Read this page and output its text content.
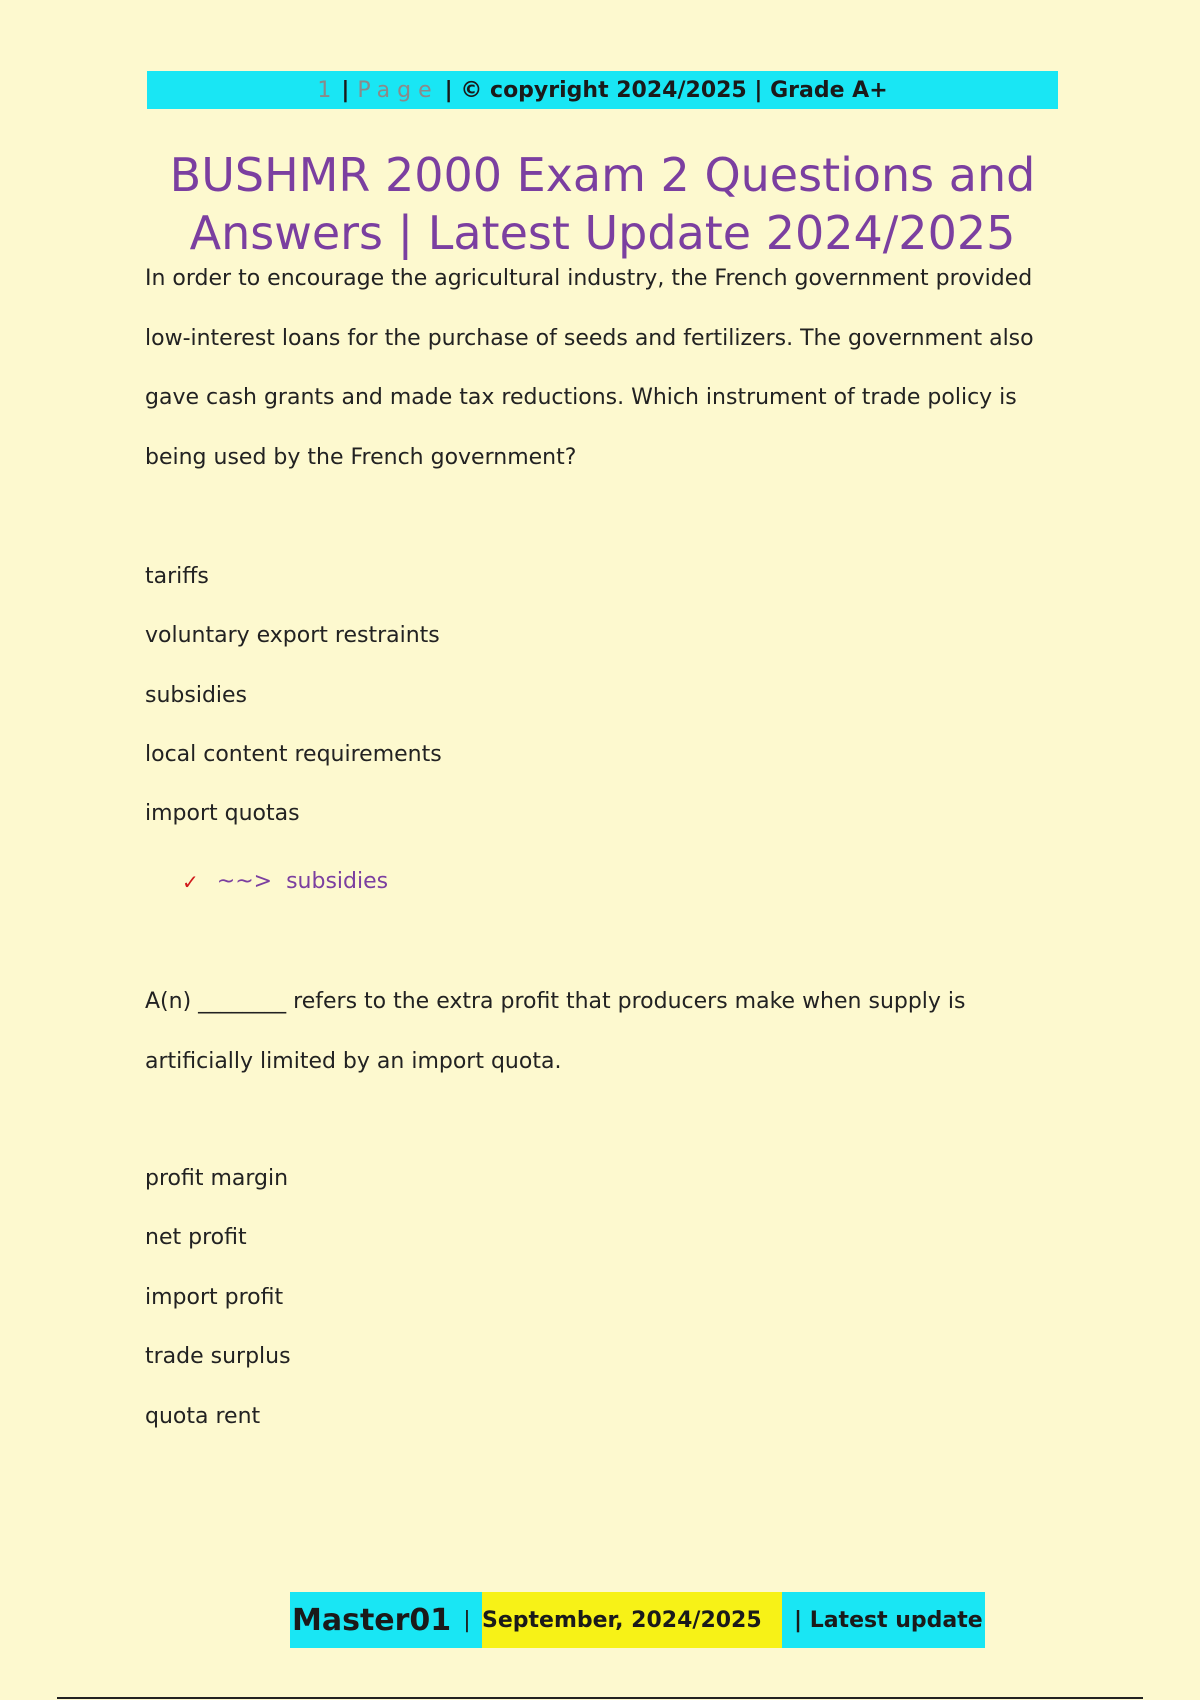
1 | Page | © copyright 2024/2025 | Grade A+
BUSHMR 2000 Exam 2 Questions and Answers | Latest Update 2024/2025

In order to encourage the agricultural industry, the French government provided low-interest loans for the purchase of seeds and fertilizers. The government also gave cash grants and made tax reductions. Which instrument of trade policy is being used by the French government?

tariffs
voluntary export restraints
subsidies
local content requirements
import quotas
✓ ~~> subsidies

A(n) ________ refers to the extra profit that producers make when supply is artificially limited by an import quota.

profit margin
net profit
import profit
trade surplus
quota rent
Master01 | September, 2024/2025 | Latest update
